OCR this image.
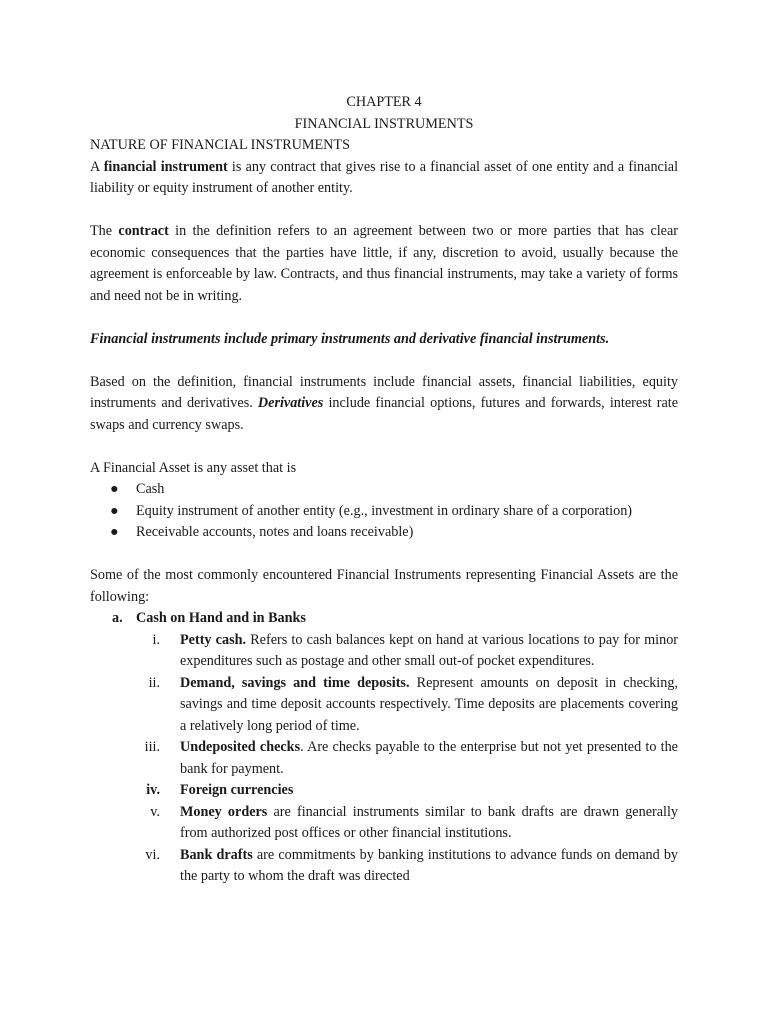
CHAPTER 4

FINANCIAL INSTRUMENTS

NATURE OF FINANCIAL INSTRUMENTS

A financial instrument is any contract that gives rise to a financial asset of one entity and a financial liability or equity instrument of another entity.

The contract in the definition refers to an agreement between two or more parties that has clear economic consequences that the parties have little, if any, discretion to avoid, usually because the agreement is enforceable by law. Contracts, and thus financial instruments, may take a variety of forms and need not be in writing.

Financial instruments include primary instruments and derivative financial instruments.

Based on the definition, financial instruments include financial assets, financial liabilities, equity instruments and derivatives. Derivatives include financial options, futures and forwards, interest rate swaps and currency swaps.

A Financial Asset is any asset that is

● Cash
● Equity instrument of another entity (e.g., investment in ordinary share of a corporation)
● Receivable accounts, notes and loans receivable)

Some of the most commonly encountered Financial Instruments representing Financial Assets are the following:

a. Cash on Hand and in Banks
i. Petty cash. Refers to cash balances kept on hand at various locations to pay for minor expenditures such as postage and other small out-of pocket expenditures.
ii. Demand, savings and time deposits. Represent amounts on deposit in checking, savings and time deposit accounts respectively. Time deposits are placements covering a relatively long period of time.
iii. Undeposited checks. Are checks payable to the enterprise but not yet presented to the bank for payment.
iv. Foreign currencies
v. Money orders are financial instruments similar to bank drafts are drawn generally from authorized post offices or other financial institutions.
vi. Bank drafts are commitments by banking institutions to advance funds on demand by the party to whom the draft was directed
